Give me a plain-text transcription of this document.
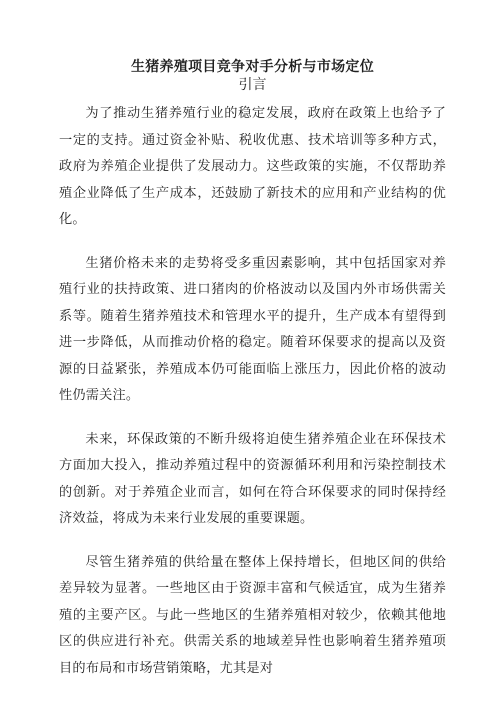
生猪养殖项目竞争对手分析与市场定位
引言

为了推动生猪养殖行业的稳定发展，政府在政策上也给予了一定的支持。通过资金补贴、税收优惠、技术培训等多种方式，政府为养殖企业提供了发展动力。这些政策的实施，不仅帮助养殖企业降低了生产成本，还鼓励了新技术的应用和产业结构的优化。

生猪价格未来的走势将受多重因素影响，其中包括国家对养殖行业的扶持政策、进口猪肉的价格波动以及国内外市场供需关系等。随着生猪养殖技术和管理水平的提升，生产成本有望得到进一步降低，从而推动价格的稳定。随着环保要求的提高以及资源的日益紧张，养殖成本仍可能面临上涨压力，因此价格的波动性仍需关注。

未来，环保政策的不断升级将迫使生猪养殖企业在环保技术方面加大投入，推动养殖过程中的资源循环利用和污染控制技术的创新。对于养殖企业而言，如何在符合环保要求的同时保持经济效益，将成为未来行业发展的重要课题。

尽管生猪养殖的供给量在整体上保持增长，但地区间的供给差异较为显著。一些地区由于资源丰富和气候适宜，成为生猪养殖的主要产区。与此一些地区的生猪养殖相对较少，依赖其他地区的供应进行补充。供需关系的地域差异性也影响着生猪养殖项目的布局和市场营销策略，尤其是对
